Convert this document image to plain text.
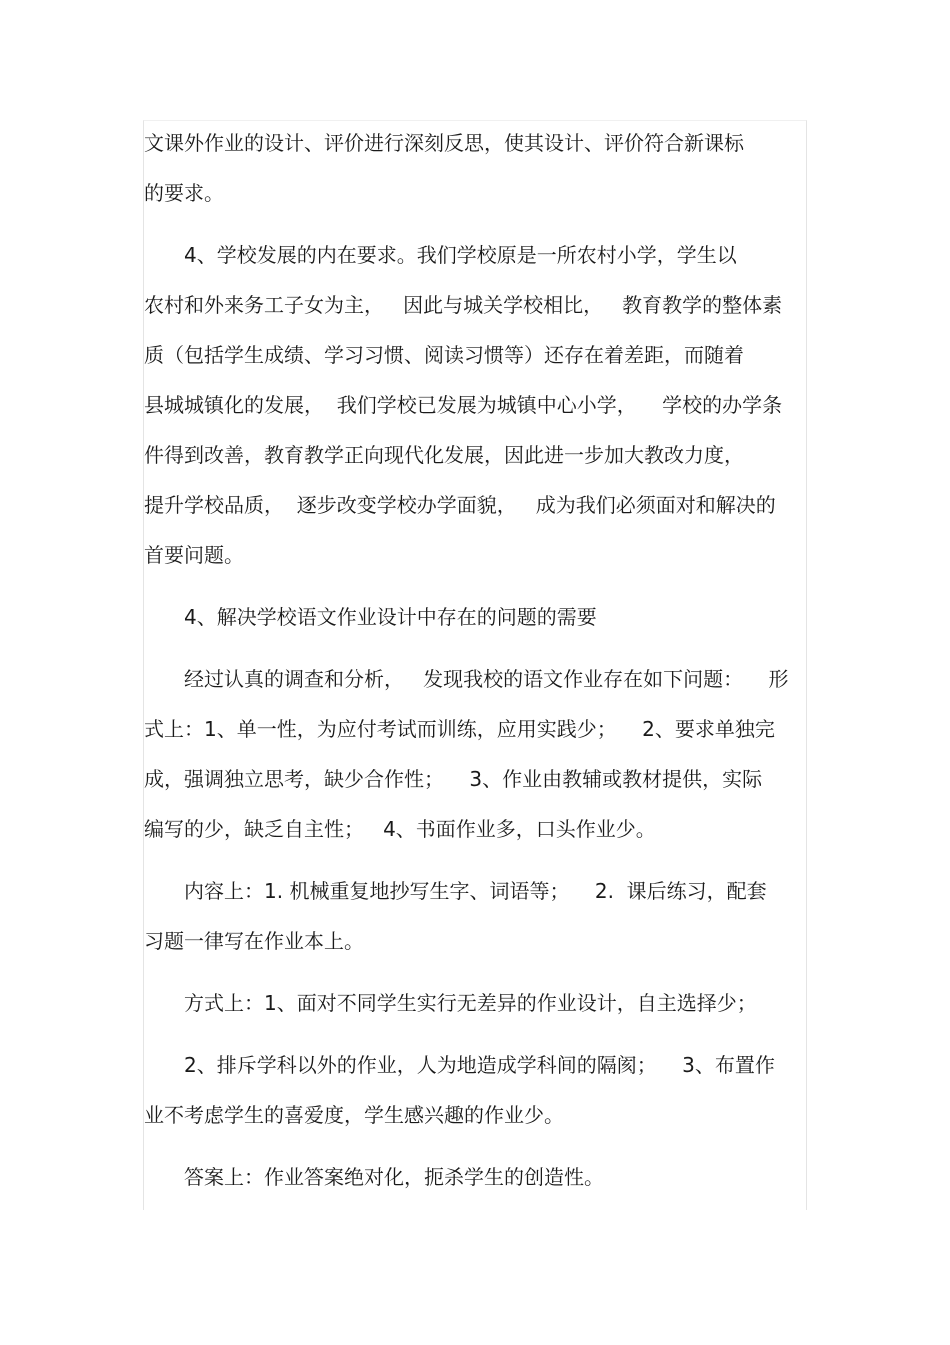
文课外作业的设计、评价进行深刻反思，使其设计、评价符合新课标
的要求。
4、学校发展的内在要求。我们学校原是一所农村小学，学生以
农村和外来务工子女为主，   因此与城关学校相比，   教育教学的整体素
质（包括学生成绩、学习习惯、阅读习惯等）还存在着差距，而随着
县城城镇化的发展，  我们学校已发展为城镇中心小学，    学校的办学条
件得到改善，教育教学正向现代化发展，因此进一步加大教改力度，
提升学校品质，  逐步改变学校办学面貌，   成为我们必须面对和解决的
首要问题。
4、解决学校语文作业设计中存在的问题的需要
经过认真的调查和分析，   发现我校的语文作业存在如下问题：    形
式上：1、单一性，为应付考试而训练，应用实践少；    2、要求单独完
成，强调独立思考，缺少合作性；    3、作业由教辅或教材提供，实际
编写的少，缺乏自主性；   4、书面作业多，口头作业少。
内容上：1. 机械重复地抄写生字、词语等；    2.  课后练习，配套
习题一律写在作业本上。
方式上：1、面对不同学生实行无差异的作业设计，自主选择少；
2、排斥学科以外的作业，人为地造成学科间的隔阂；    3、布置作
业不考虑学生的喜爱度，学生感兴趣的作业少。
答案上：作业答案绝对化，扼杀学生的创造性。
